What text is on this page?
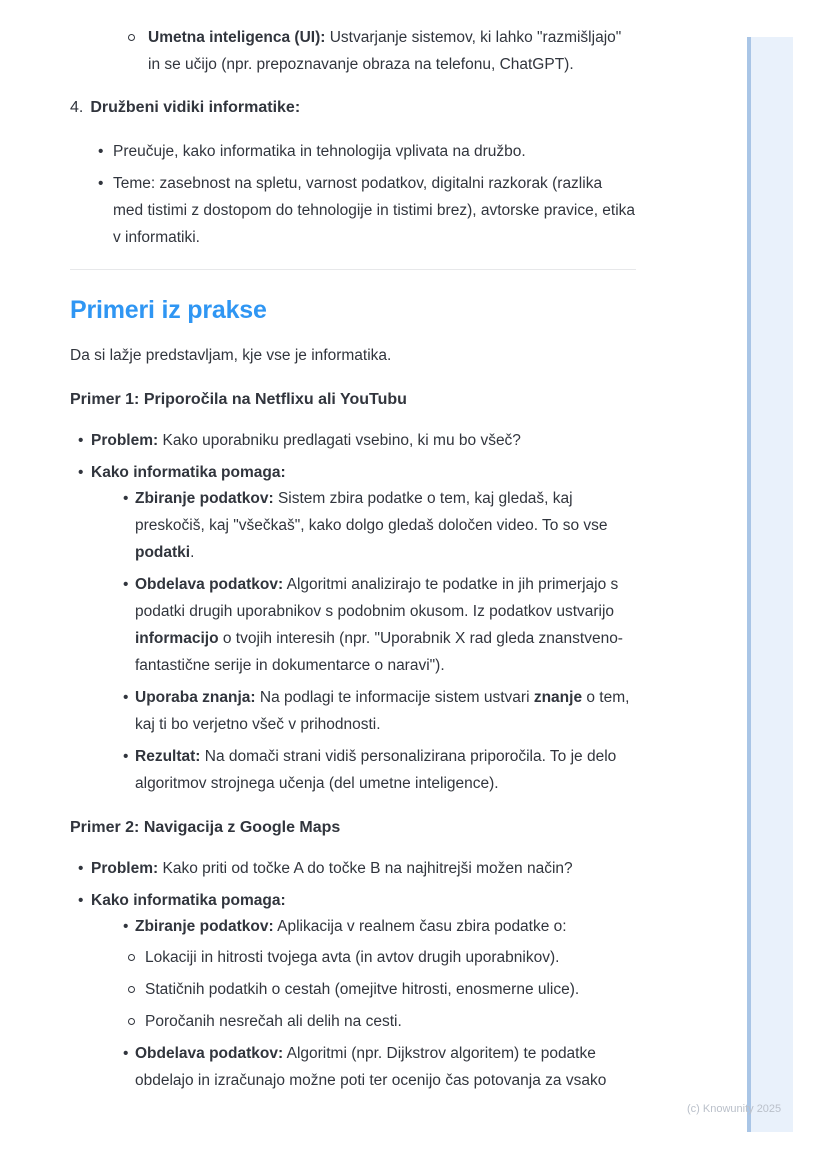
(c) Knowunity 2025
Umetna inteligenca (UI): Ustvarjanje sistemov, ki lahko "razmišljajo" in se učijo (npr. prepoznavanje obraza na telefonu, ChatGPT).
4. Družbeni vidiki informatike:
• Preučuje, kako informatika in tehnologija vplivata na družbo.
• Teme: zasebnost na spletu, varnost podatkov, digitalni razkorak (razlika med tistimi z dostopom do tehnologije in tistimi brez), avtorske pravice, etika v informatiki.
Primeri iz prakse

Da si lažje predstavljam, kje vse je informatika.

Primer 1: Priporočila na Netflixu ali YouTubu
• Problem: Kako uporabniku predlagati vsebino, ki mu bo všeč?
• Kako informatika pomaga:
• Zbiranje podatkov: Sistem zbira podatke o tem, kaj gledaš, kaj preskočiš, kaj "všečkaš", kako dolgo gledaš določen video. To so vse podatki.
• Obdelava podatkov: Algoritmi analizirajo te podatke in jih primerjajo s podatki drugih uporabnikov s podobnim okusom. Iz podatkov ustvarijo informacijo o tvojih interesih (npr. "Uporabnik X rad gleda znanstveno-fantastične serije in dokumentarce o naravi").
• Uporaba znanja: Na podlagi te informacije sistem ustvari znanje o tem, kaj ti bo verjetno všeč v prihodnosti.
• Rezultat: Na domači strani vidiš personalizirana priporočila. To je delo algoritmov strojnega učenja (del umetne inteligence).
Primer 2: Navigacija z Google Maps
• Problem: Kako priti od točke A do točke B na najhitrejši možen način?
• Kako informatika pomaga:
• Zbiranje podatkov: Aplikacija v realnem času zbira podatke o:
Lokaciji in hitrosti tvojega avta (in avtov drugih uporabnikov).
Statičnih podatkih o cestah (omejitve hitrosti, enosmerne ulice).
Poročanih nesrečah ali delih na cesti.
• Obdelava podatkov: Algoritmi (npr. Dijkstrov algoritem) te podatke obdelajo in izračunajo možne poti ter ocenijo čas potovanja za vsako
